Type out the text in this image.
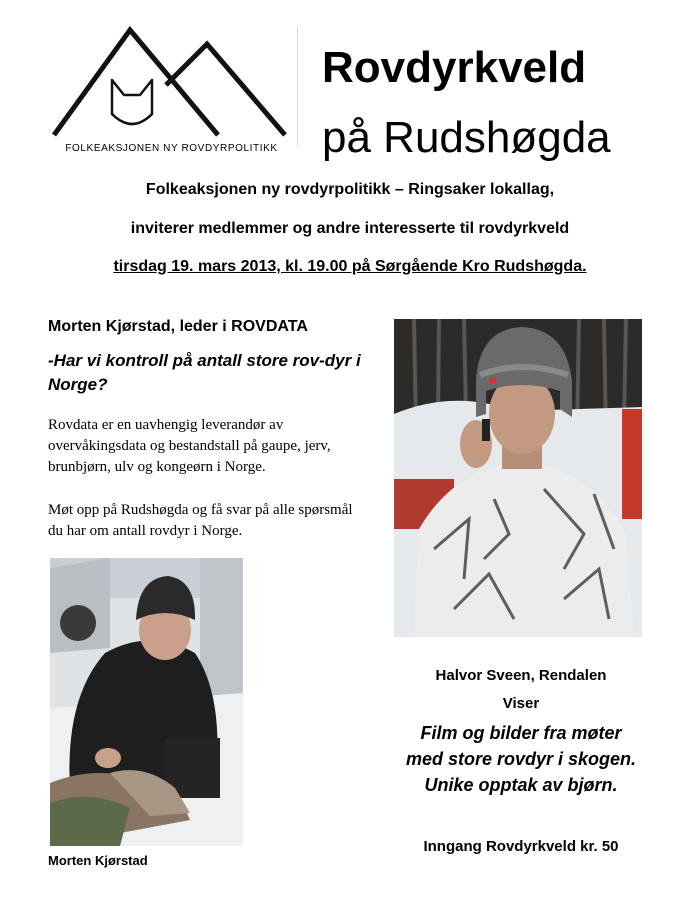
FOLKEAKSJONEN NY ROVDYRPOLITIKK
Rovdyrkveld
på Rudshøgda
Folkeaksjonen ny rovdyrpolitikk – Ringsaker lokallag,
inviterer medlemmer og andre interesserte til rovdyrkveld
tirsdag 19. mars 2013, kl. 19.00 på Sørgående Kro Rudshøgda.
Morten Kjørstad, leder i ROVDATA
-Har vi kontroll på antall store rov-dyr i Norge?
Rovdata er en uavhengig leverandør av overvåkingsdata og bestandstall på gaupe, jerv, brunbjørn, ulv og kongeørn i Norge.
Møt opp på Rudshøgda og få svar på alle spørsmål du har om antall rovdyr i Norge.
Morten Kjørstad
Halvor Sveen, Rendalen
Viser
Film og bilder fra møter
med store rovdyr i skogen.
Unike opptak av bjørn.
Inngang Rovdyrkveld kr. 50
